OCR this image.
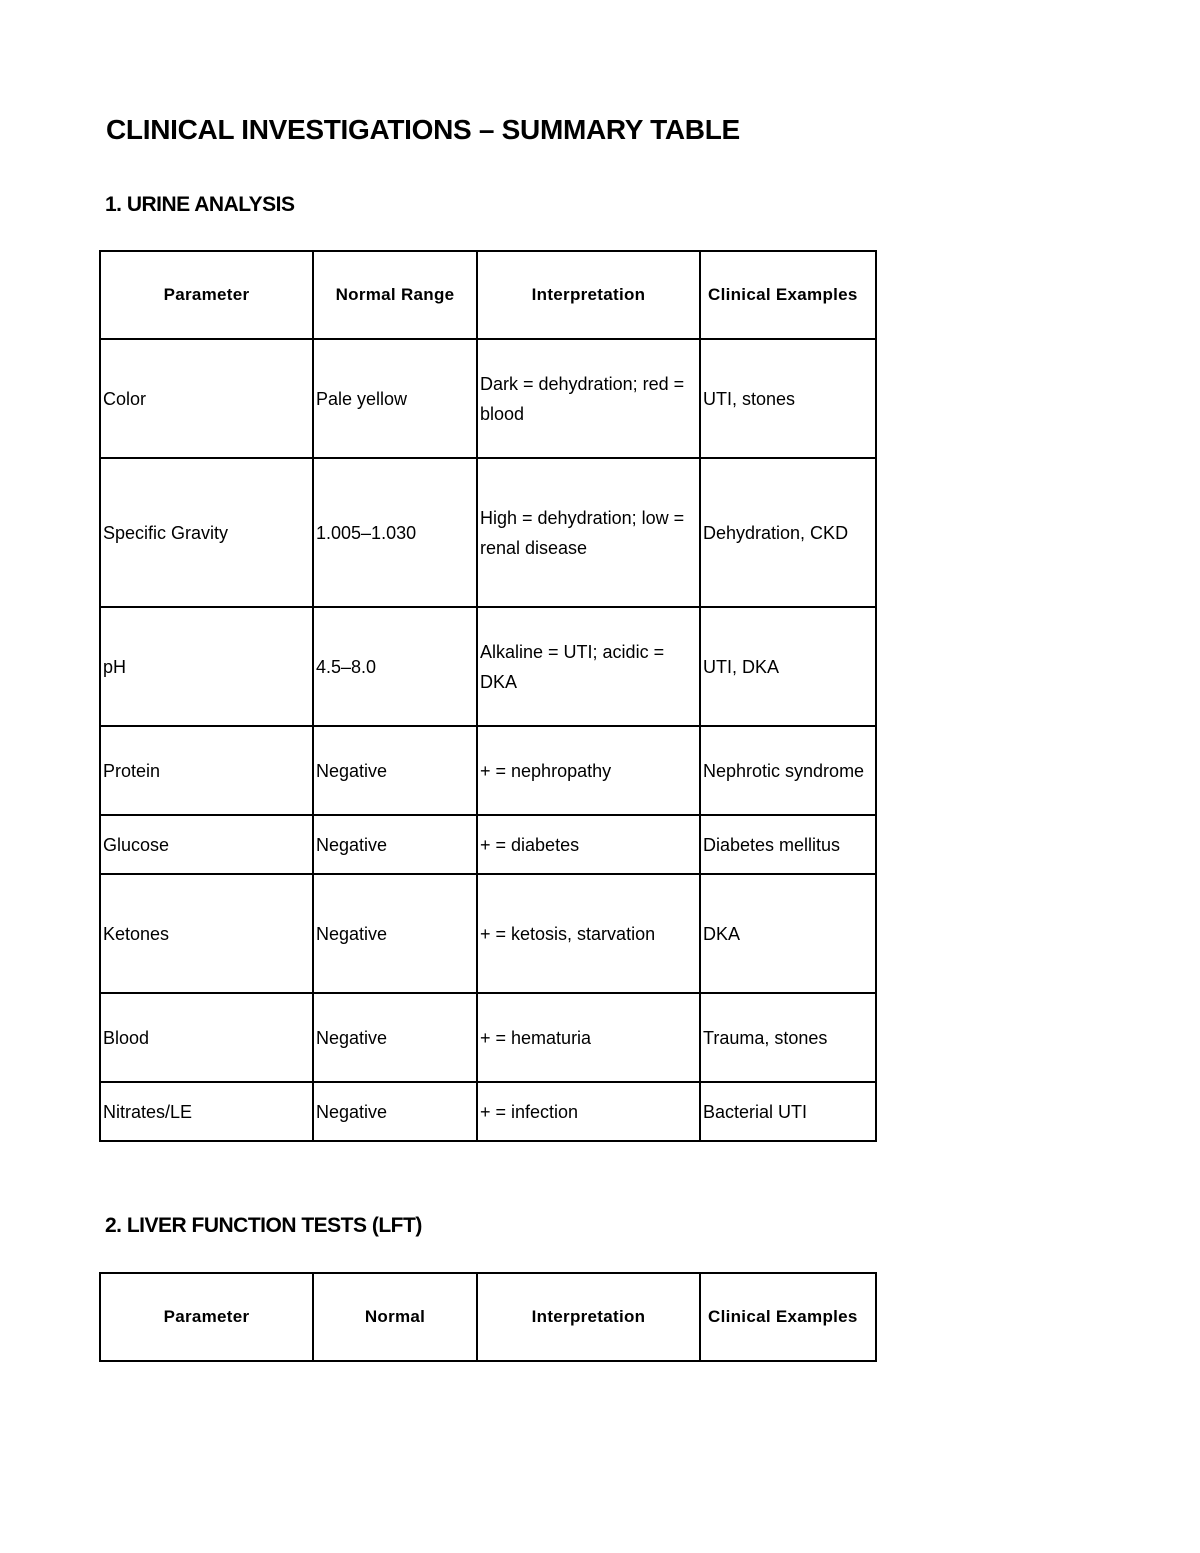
CLINICAL INVESTIGATIONS – SUMMARY TABLE
1. URINE ANALYSIS
Parameter	Normal Range	Interpretation	Clinical Examples
Color	Pale yellow	Dark = dehydration; red = blood	UTI, stones
Specific Gravity	1.005–1.030	High = dehydration; low = renal disease	Dehydration, CKD
pH	4.5–8.0	Alkaline = UTI; acidic = DKA	UTI, DKA
Protein	Negative	+ = nephropathy	Nephrotic syndrome
Glucose	Negative	+ = diabetes	Diabetes mellitus
Ketones	Negative	+ = ketosis, starvation	DKA
Blood	Negative	+ = hematuria	Trauma, stones
Nitrates/LE	Negative	+ = infection	Bacterial UTI
2. LIVER FUNCTION TESTS (LFT)
Parameter	Normal	Interpretation	Clinical Examples
